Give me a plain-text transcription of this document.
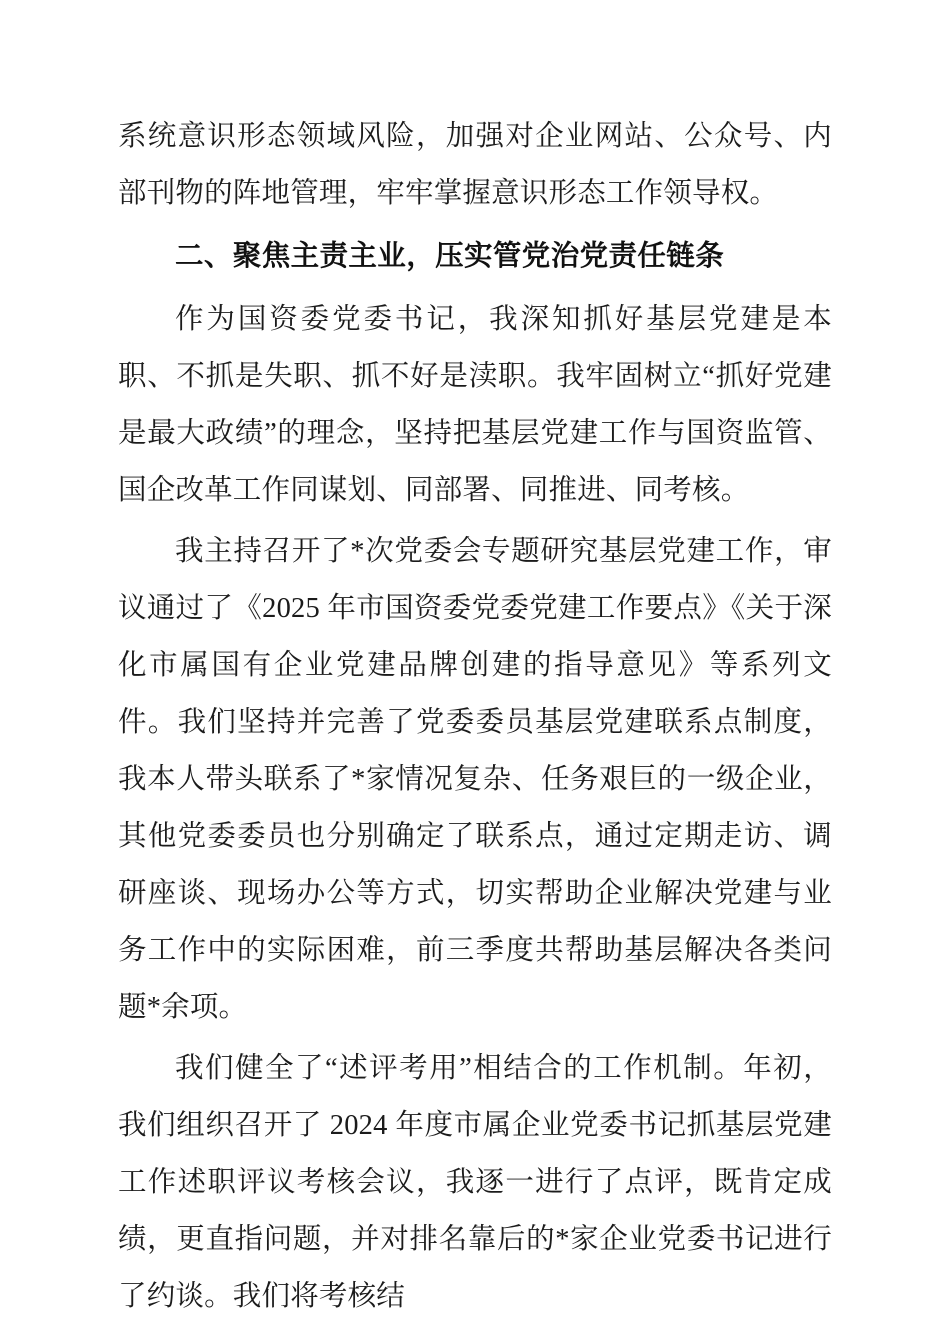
系统意识形态领域风险，加强对企业网站、公众号、内部刊物的阵地管理，牢牢掌握意识形态工作领导权。

二、聚焦主责主业，压实管党治党责任链条

作为国资委党委书记，我深知抓好基层党建是本职、不抓是失职、抓不好是渎职。我牢固树立“抓好党建是最大政绩”的理念，坚持把基层党建工作与国资监管、国企改革工作同谋划、同部署、同推进、同考核。

我主持召开了*次党委会专题研究基层党建工作，审议通过了《2025 年市国资委党委党建工作要点》《关于深化市属国有企业党建品牌创建的指导意见》等系列文件。我们坚持并完善了党委委员基层党建联系点制度，我本人带头联系了*家情况复杂、任务艰巨的一级企业，其他党委委员也分别确定了联系点，通过定期走访、调研座谈、现场办公等方式，切实帮助企业解决党建与业务工作中的实际困难，前三季度共帮助基层解决各类问题*余项。

我们健全了“述评考用”相结合的工作机制。年初，我们组织召开了 2024 年度市属企业党委书记抓基层党建工作述职评议考核会议，我逐一进行了点评，既肯定成绩，更直指问题，并对排名靠后的*家企业党委书记进行了约谈。我们将考核结
